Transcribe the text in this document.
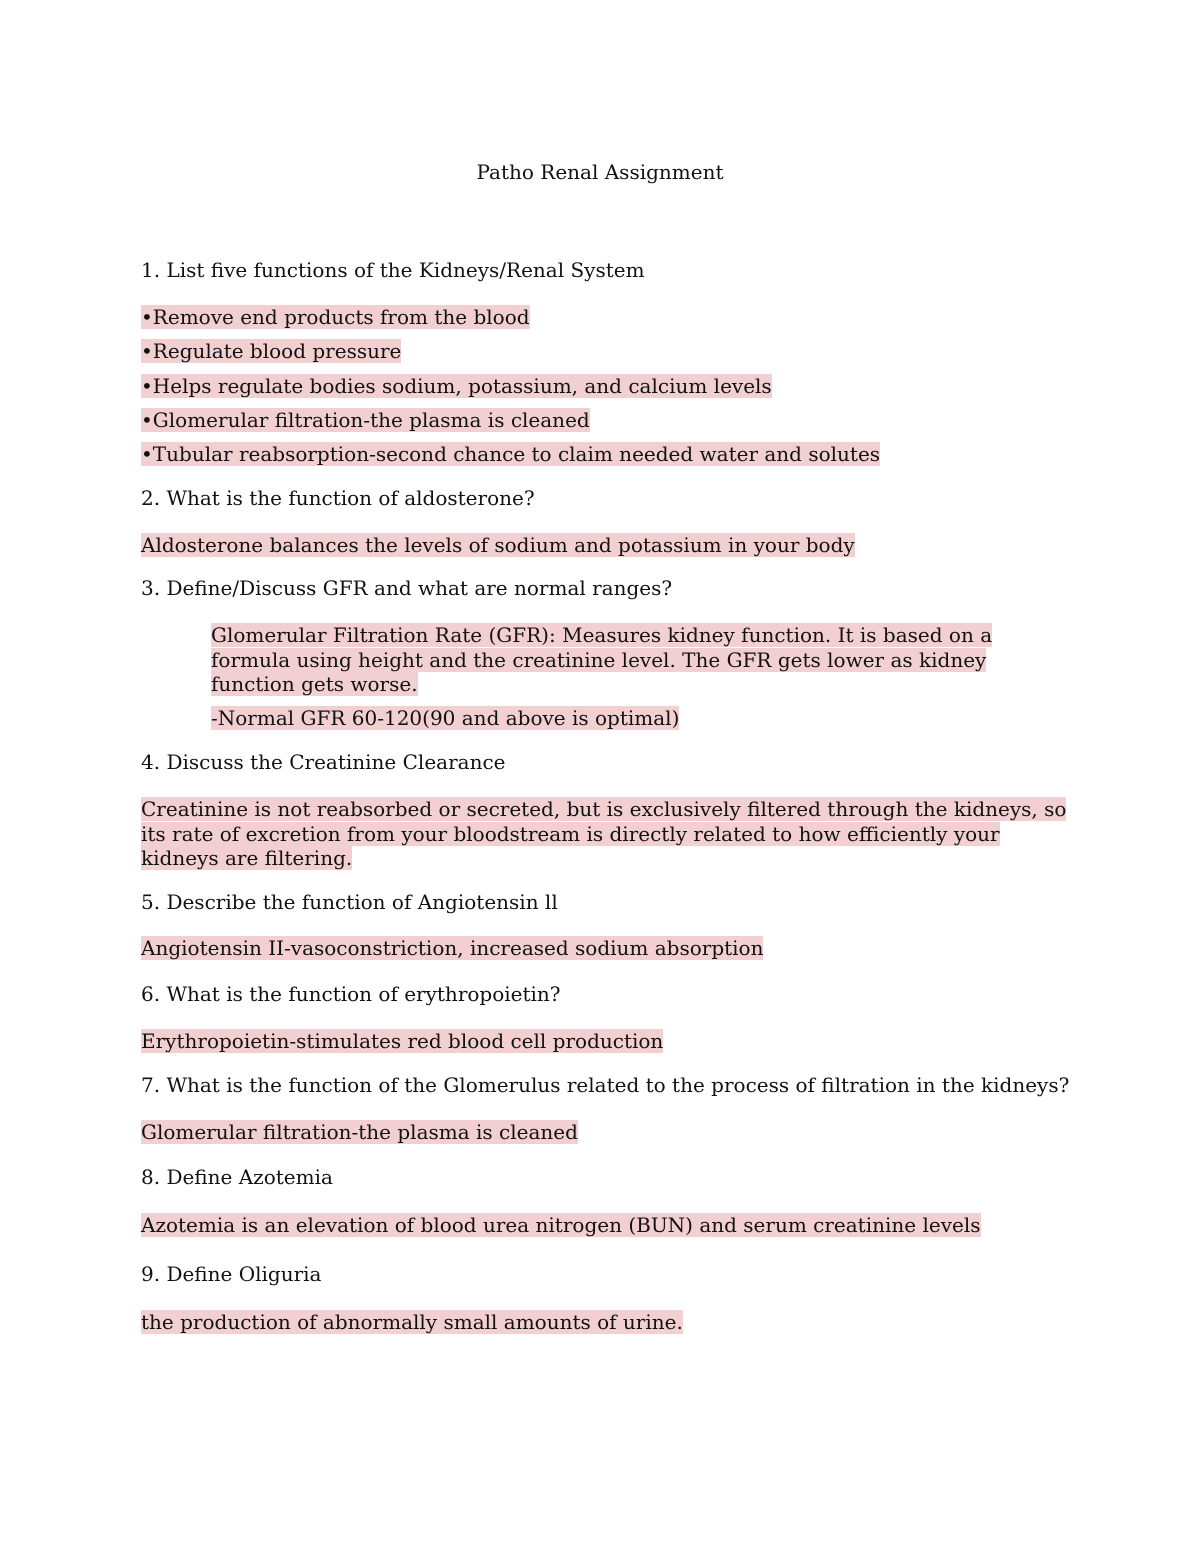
Patho Renal Assignment
1. List five functions of the Kidneys/Renal System
•Remove end products from the blood
•Regulate blood pressure
•Helps regulate bodies sodium, potassium, and calcium levels
•Glomerular filtration-the plasma is cleaned
•Tubular reabsorption-second chance to claim needed water and solutes
2. What is the function of aldosterone?
Aldosterone balances the levels of sodium and potassium in your body
3. Define/Discuss GFR and what are normal ranges?
Glomerular Filtration Rate (GFR): Measures kidney function. It is based on a
formula using height and the creatinine level. The GFR gets lower as kidney
function gets worse.
-Normal GFR 60-120(90 and above is optimal)
4. Discuss the Creatinine Clearance
Creatinine is not reabsorbed or secreted, but is exclusively filtered through the kidneys, so
its rate of excretion from your bloodstream is directly related to how efficiently your
kidneys are filtering.
5. Describe the function of Angiotensin ll
Angiotensin II-vasoconstriction, increased sodium absorption
6. What is the function of erythropoietin?
Erythropoietin-stimulates red blood cell production
7. What is the function of the Glomerulus related to the process of filtration in the kidneys?
Glomerular filtration-the plasma is cleaned
8. Define Azotemia
Azotemia is an elevation of blood urea nitrogen (BUN) and serum creatinine levels
9. Define Oliguria
the production of abnormally small amounts of urine.
